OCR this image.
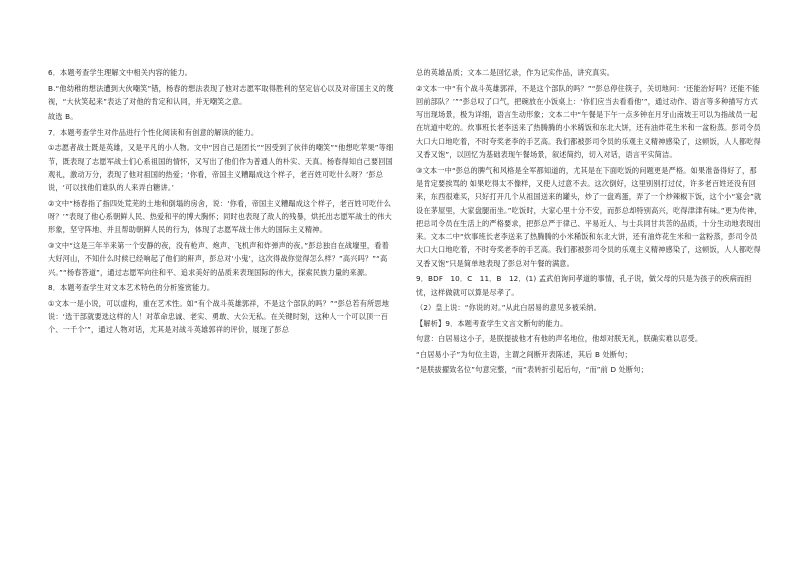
6．本题考查学生理解文中相关内容的能力。

B.“他幼稚的想法遭到大伙嘲笑”错，杨春的想法表现了他对志愿军取得胜利的坚定信心以及对帝国主义的蔑视，“大伙笑起来”表达了对他的肯定和认同，并无嘲笑之意。

故选 B。

7．本题考查学生对作品进行个性化阅读和有创意的解读的能力。

①志愿者战士既是英雄，又是平凡的小人物。文中“因自己是团长”“因受到了伙伴的嘲笑”“他想吃苹果”等细节，既表现了志愿军战士们心系祖国的情怀，又写出了他们作为普通人的朴实、天真。杨春得知自己要回国观礼，激动万分，表现了他对祖国的热爱；‘你看，帝国主义糟蹋成这个样子，老百姓可吃什么呀？’彭总说，‘可以找他们谁队的人来弄白糖讲。’

②文中“杨春指了指四处荒芜的土地和倒塌的房舍，说：‘你看，帝国主义糟蹋成这个样子，老百姓可吃什么呀？’”表现了他心系朝鲜人民、热爱和平的博大胸怀；同时也表现了敌人的残暴，烘托出志愿军战士的伟大形象，坚守阵地、并且帮助朝鲜人民的行为，体现了志愿军战士伟大的国际主义精神。

③文中“这是三年半来第一个安静的夜，没有枪声、炮声、飞机声和炸弹声的夜。”彭总独自在战壕里，看着大好河山，不知什么时候已经响起了他们的鼾声，彭总对‘小鬼’，这次得战你觉得怎么样？”高兴吗？”“高兴。”“杨春答道”，通过志愿军向往和平、追求美好的品质来表现国际的伟大，探索民族力量的来源。

8．本题考查学生对文本艺术特色的分析鉴赏能力。

①文本一是小说，可以虚构，重在艺术性。如“有个战斗英雄郭祥，不是这个部队的吗？”“彭总若有所思地说：‘选干部就要选这样的人！对革命忠诚、老实、勇敢、大公无私。在关键时刻，这种人一个可以顶一百个、一千个’”，通过人物对话，尤其是对战斗英雄郭祥的评价，展现了彭总

总的英雄品质；文本二是回忆录，作为记实作品，讲究真实。

②文本一中“有个战斗英雄郭祥，不是这个部队的吗？”“彭总停住筷子，关切地问：‘还能治好吗？还能不能回前部队？’”“彭总叹了口气，把碗放在小饭桌上：‘你们应当去看看他’”，通过动作、语言等多种描写方式写出现场景，极为详细，语言生动形象；文本二中“午餐是下午一点多钟在月牙山南坡王可以为指战员一起在坑道中吃的。炊事班长老李送来了热腾腾的小米稀饭和东北大饼，还有油炸花生米和一盆粉蒸。彭司令员大口大口地吃着，不时夸奖老李的手艺高。我们都被彭司令员的乐观主义精神感染了，这顿饭，人人都吃得又香又饱”，以回忆为基础表现午餐场景，叙述简约，切入对话，语言平实简洁。

③文本一中“彭总的脾气和风格是全军都知道的，尤其是在下面吃饭的问题更是严格。如果准备得好了，那是肯定要挨骂的 如果吃得太不像样，又使人过意不去。这次倒好，这里别别打过仗，许多老百姓还没有回来，东西很难买，只好打开几个从祖国送来的罐头，炒了一盘鸡蛋，弄了一个炒辣椒下饭，这个小“宴会”就设在茅屋里，大家盘腿而坐。”吃饭时，大家心里十分不安，而彭总却特别高兴，吃得津津有味。”更为传神，把总司令员在生活上的严格要求，把彭总严于律己、平易近人、与士兵同甘共苦的品质，十分生动地表现出来。文本二中“炊事班长老李送来了热腾腾的小米稀饭和东北大饼，还有油炸花生米和一盆粉蒸，彭司令员大口大口地吃着，不时夸奖老李的手艺高。我们都被彭司令员的乐观主义精神感染了，这顿饭，人人都吃得又香又饱”只是简单地表现了彭总对午餐的满意。

9．BDF　10．C　11．B　12．(1) 孟武伯询问孝道的事情，孔子说，做父母的只是为孩子的疾病而担忧，这样做就可以算是尽孝了。

（2）皇上说：“你说的对。”从此白居易的意见多被采纳。

【解析】9．本题考查学生文言文断句的能力。

句意：白居易这小子，是朕提拔他才有他的声名地位，他却对朕无礼，朕确实难以忍受。

“白居易小子”为句位主语，主谓之间断开表陈述，其后 B 处断句；

“是朕拔擢致名位”句意完整，“而”表转折引起后句，“而”前 D 处断句；
